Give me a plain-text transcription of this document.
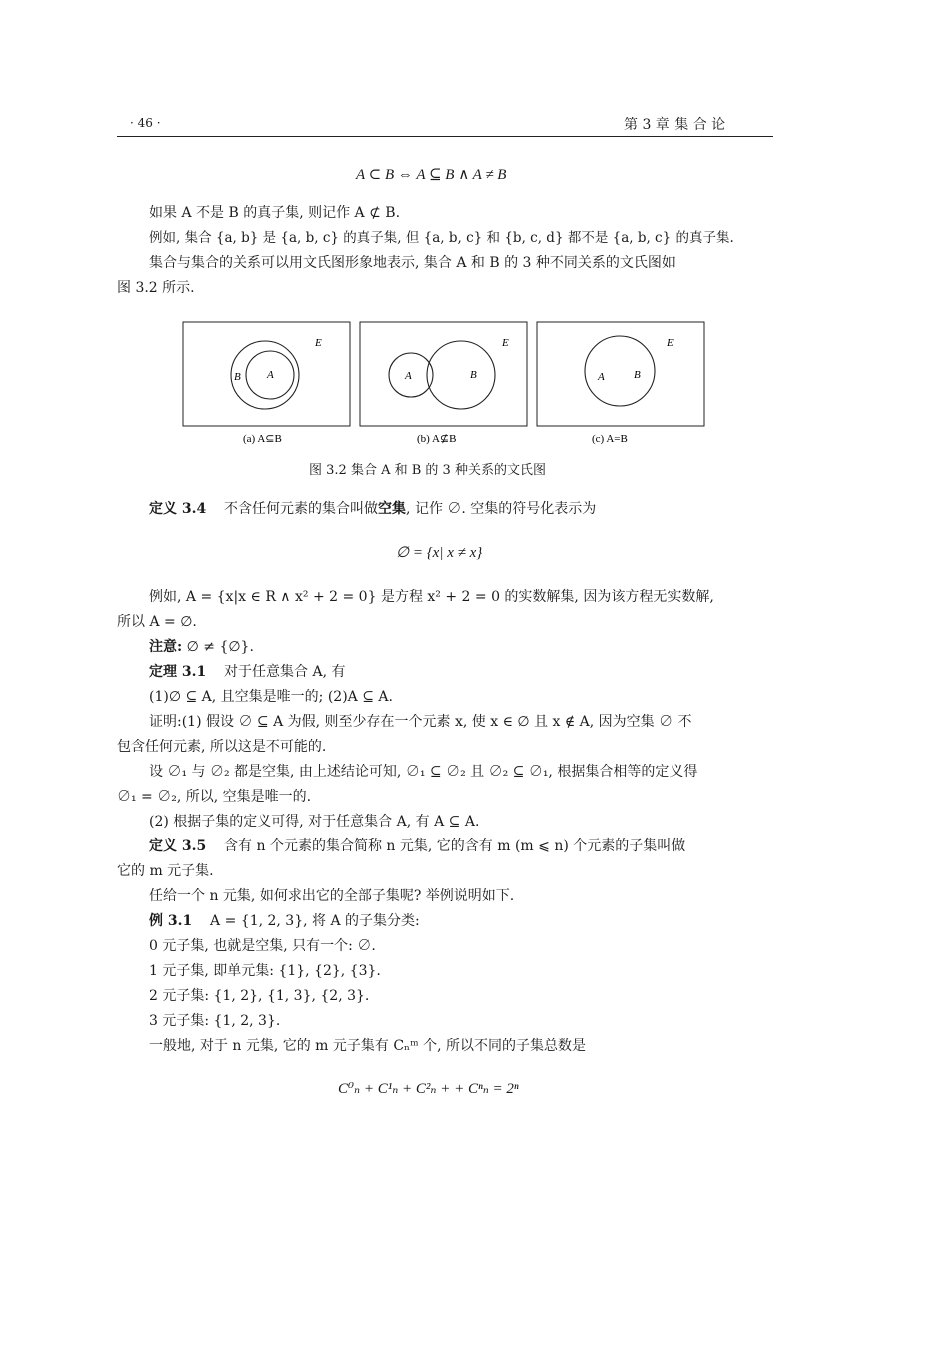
· 46 ·	第 3 章 集 合 论
A ⊂ B ⇔ A ⊆ B ∧ A ≠ B
如果 A 不是 B 的真子集, 则记作 A ⊄ B.
例如, 集合 {a, b} 是 {a, b, c} 的真子集, 但 {a, b, c} 和 {b, c, d} 都不是 {a, b, c} 的真子集.
集合与集合的关系可以用文氏图形象地表示, 集合 A 和 B 的 3 种不同关系的文氏图如
图 3.2 所示.
E
B A
(a) A⊆B
E
A	B
(b) A⊈B
E
A	B
(c) A=B
图 3.2 集合 A 和 B 的 3 种关系的文氏图
定义 3.4 不含任何元素的集合叫做空集, 记作 ∅. 空集的符号化表示为
∅ = {x| x ≠ x}
例如, A = {x|x ∈ R ∧ x² + 2 = 0} 是方程 x² + 2 = 0 的实数解集, 因为该方程无实数解,
所以 A = ∅.
注意: ∅ ≠ {∅}.
定理 3.1 对于任意集合 A, 有
(1)∅ ⊆ A, 且空集是唯一的; (2)A ⊆ A.
证明:(1) 假设 ∅ ⊆ A 为假, 则至少存在一个元素 x, 使 x ∈ ∅ 且 x ∉ A, 因为空集 ∅ 不
包含任何元素, 所以这是不可能的.
设 ∅₁ 与 ∅₂ 都是空集, 由上述结论可知, ∅₁ ⊆ ∅₂ 且 ∅₂ ⊆ ∅₁, 根据集合相等的定义得
∅₁ = ∅₂, 所以, 空集是唯一的.
(2) 根据子集的定义可得, 对于任意集合 A, 有 A ⊆ A.
定义 3.5 含有 n 个元素的集合简称 n 元集, 它的含有 m (m ⩽ n) 个元素的子集叫做
它的 m 元子集.
任给一个 n 元集, 如何求出它的全部子集呢? 举例说明如下.
例 3.1 A = {1, 2, 3}, 将 A 的子集分类:
0 元子集, 也就是空集, 只有一个: ∅.
1 元子集, 即单元集: {1}, {2}, {3}.
2 元子集: {1, 2}, {1, 3}, {2, 3}.
3 元子集: {1, 2, 3}.
一般地, 对于 n 元集, 它的 m 元子集有 Cₙᵐ 个, 所以不同的子集总数是
C⁰ₙ + C¹ₙ + C²ₙ + + Cⁿₙ = 2ⁿ
